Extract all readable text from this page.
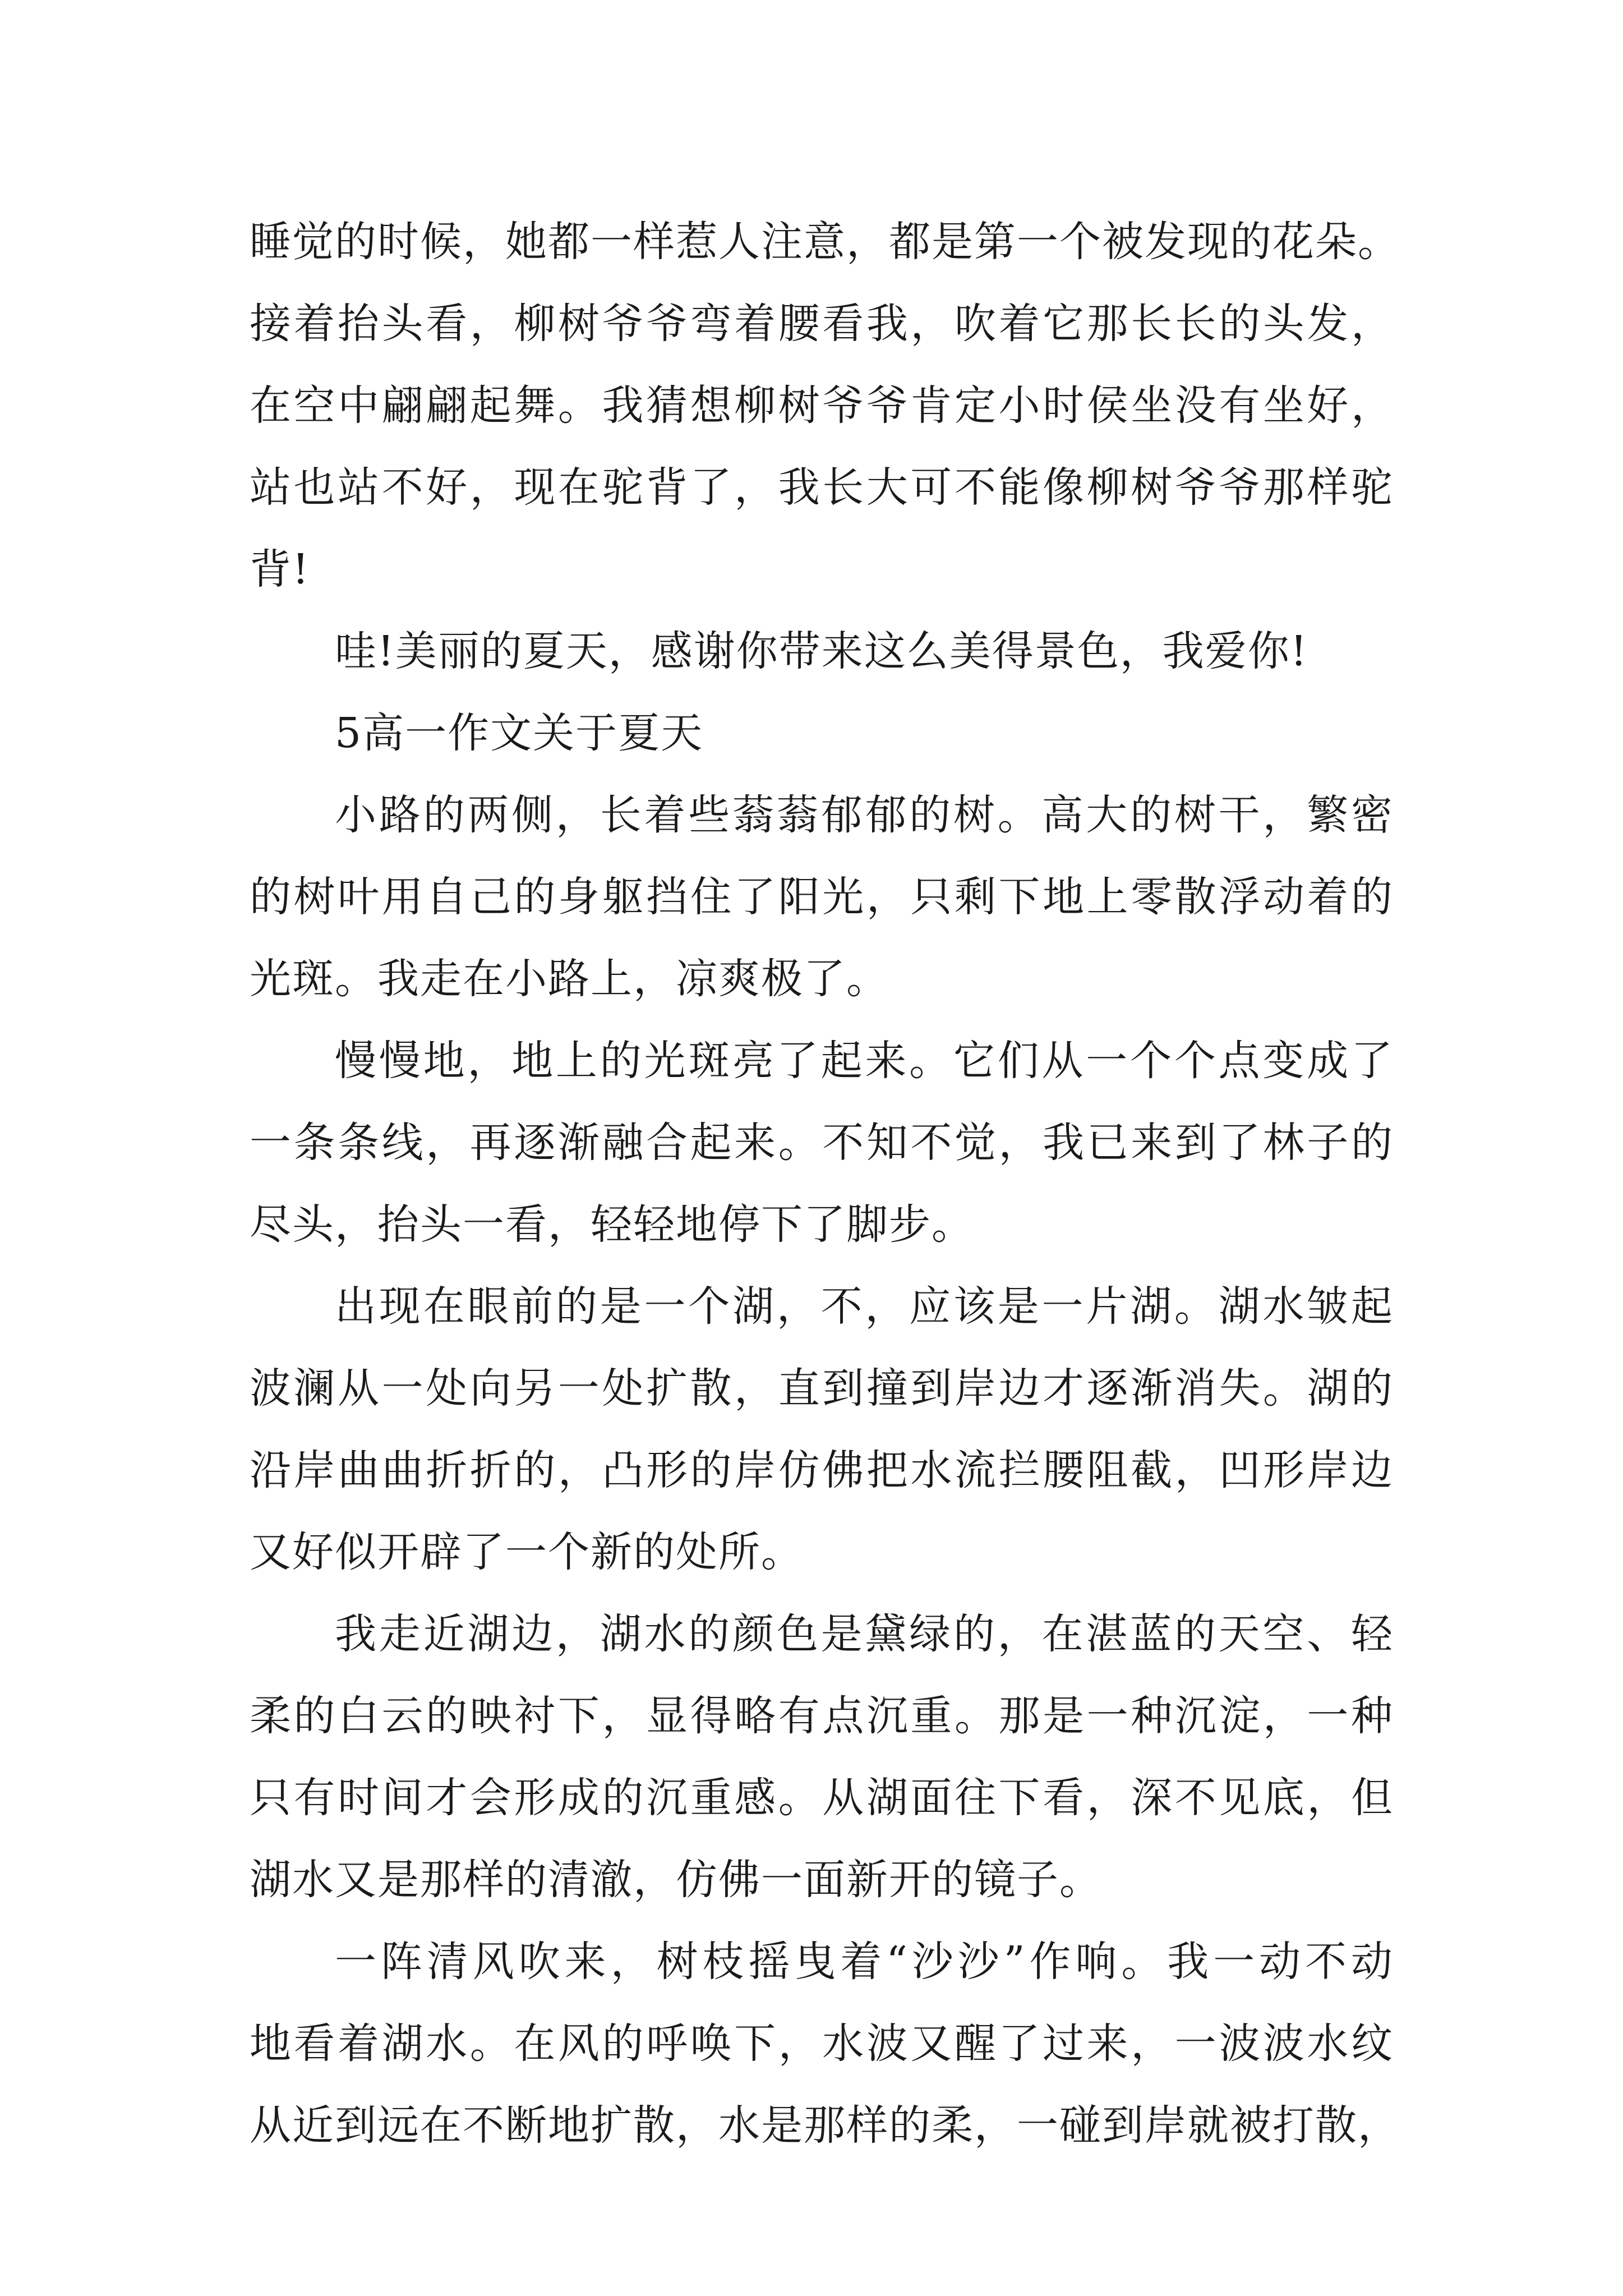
睡觉的时候，她都一样惹人注意，都是第一个被发现的花朵。
接着抬头看，柳树爷爷弯着腰看我，吹着它那长长的头发，
在空中翩翩起舞。我猜想柳树爷爷肯定小时侯坐没有坐好，
站也站不好，现在驼背了，我长大可不能像柳树爷爷那样驼
背!
哇!美丽的夏天，感谢你带来这么美得景色，我爱你!
5高一作文关于夏天
小路的两侧，长着些蓊蓊郁郁的树。高大的树干，繁密
的树叶用自己的身躯挡住了阳光，只剩下地上零散浮动着的
光斑。我走在小路上，凉爽极了。
慢慢地，地上的光斑亮了起来。它们从一个个点变成了
一条条线，再逐渐融合起来。不知不觉，我已来到了林子的
尽头，抬头一看，轻轻地停下了脚步。
出现在眼前的是一个湖，不，应该是一片湖。湖水皱起
波澜从一处向另一处扩散，直到撞到岸边才逐渐消失。湖的
沿岸曲曲折折的，凸形的岸仿佛把水流拦腰阻截，凹形岸边
又好似开辟了一个新的处所。
我走近湖边，湖水的颜色是黛绿的，在湛蓝的天空、轻
柔的白云的映衬下，显得略有点沉重。那是一种沉淀，一种
只有时间才会形成的沉重感。从湖面往下看，深不见底，但
湖水又是那样的清澈，仿佛一面新开的镜子。
一阵清风吹来，树枝摇曳着“沙沙”作响。我一动不动
地看着湖水。在风的呼唤下，水波又醒了过来，一波波水纹
从近到远在不断地扩散，水是那样的柔，一碰到岸就被打散，
